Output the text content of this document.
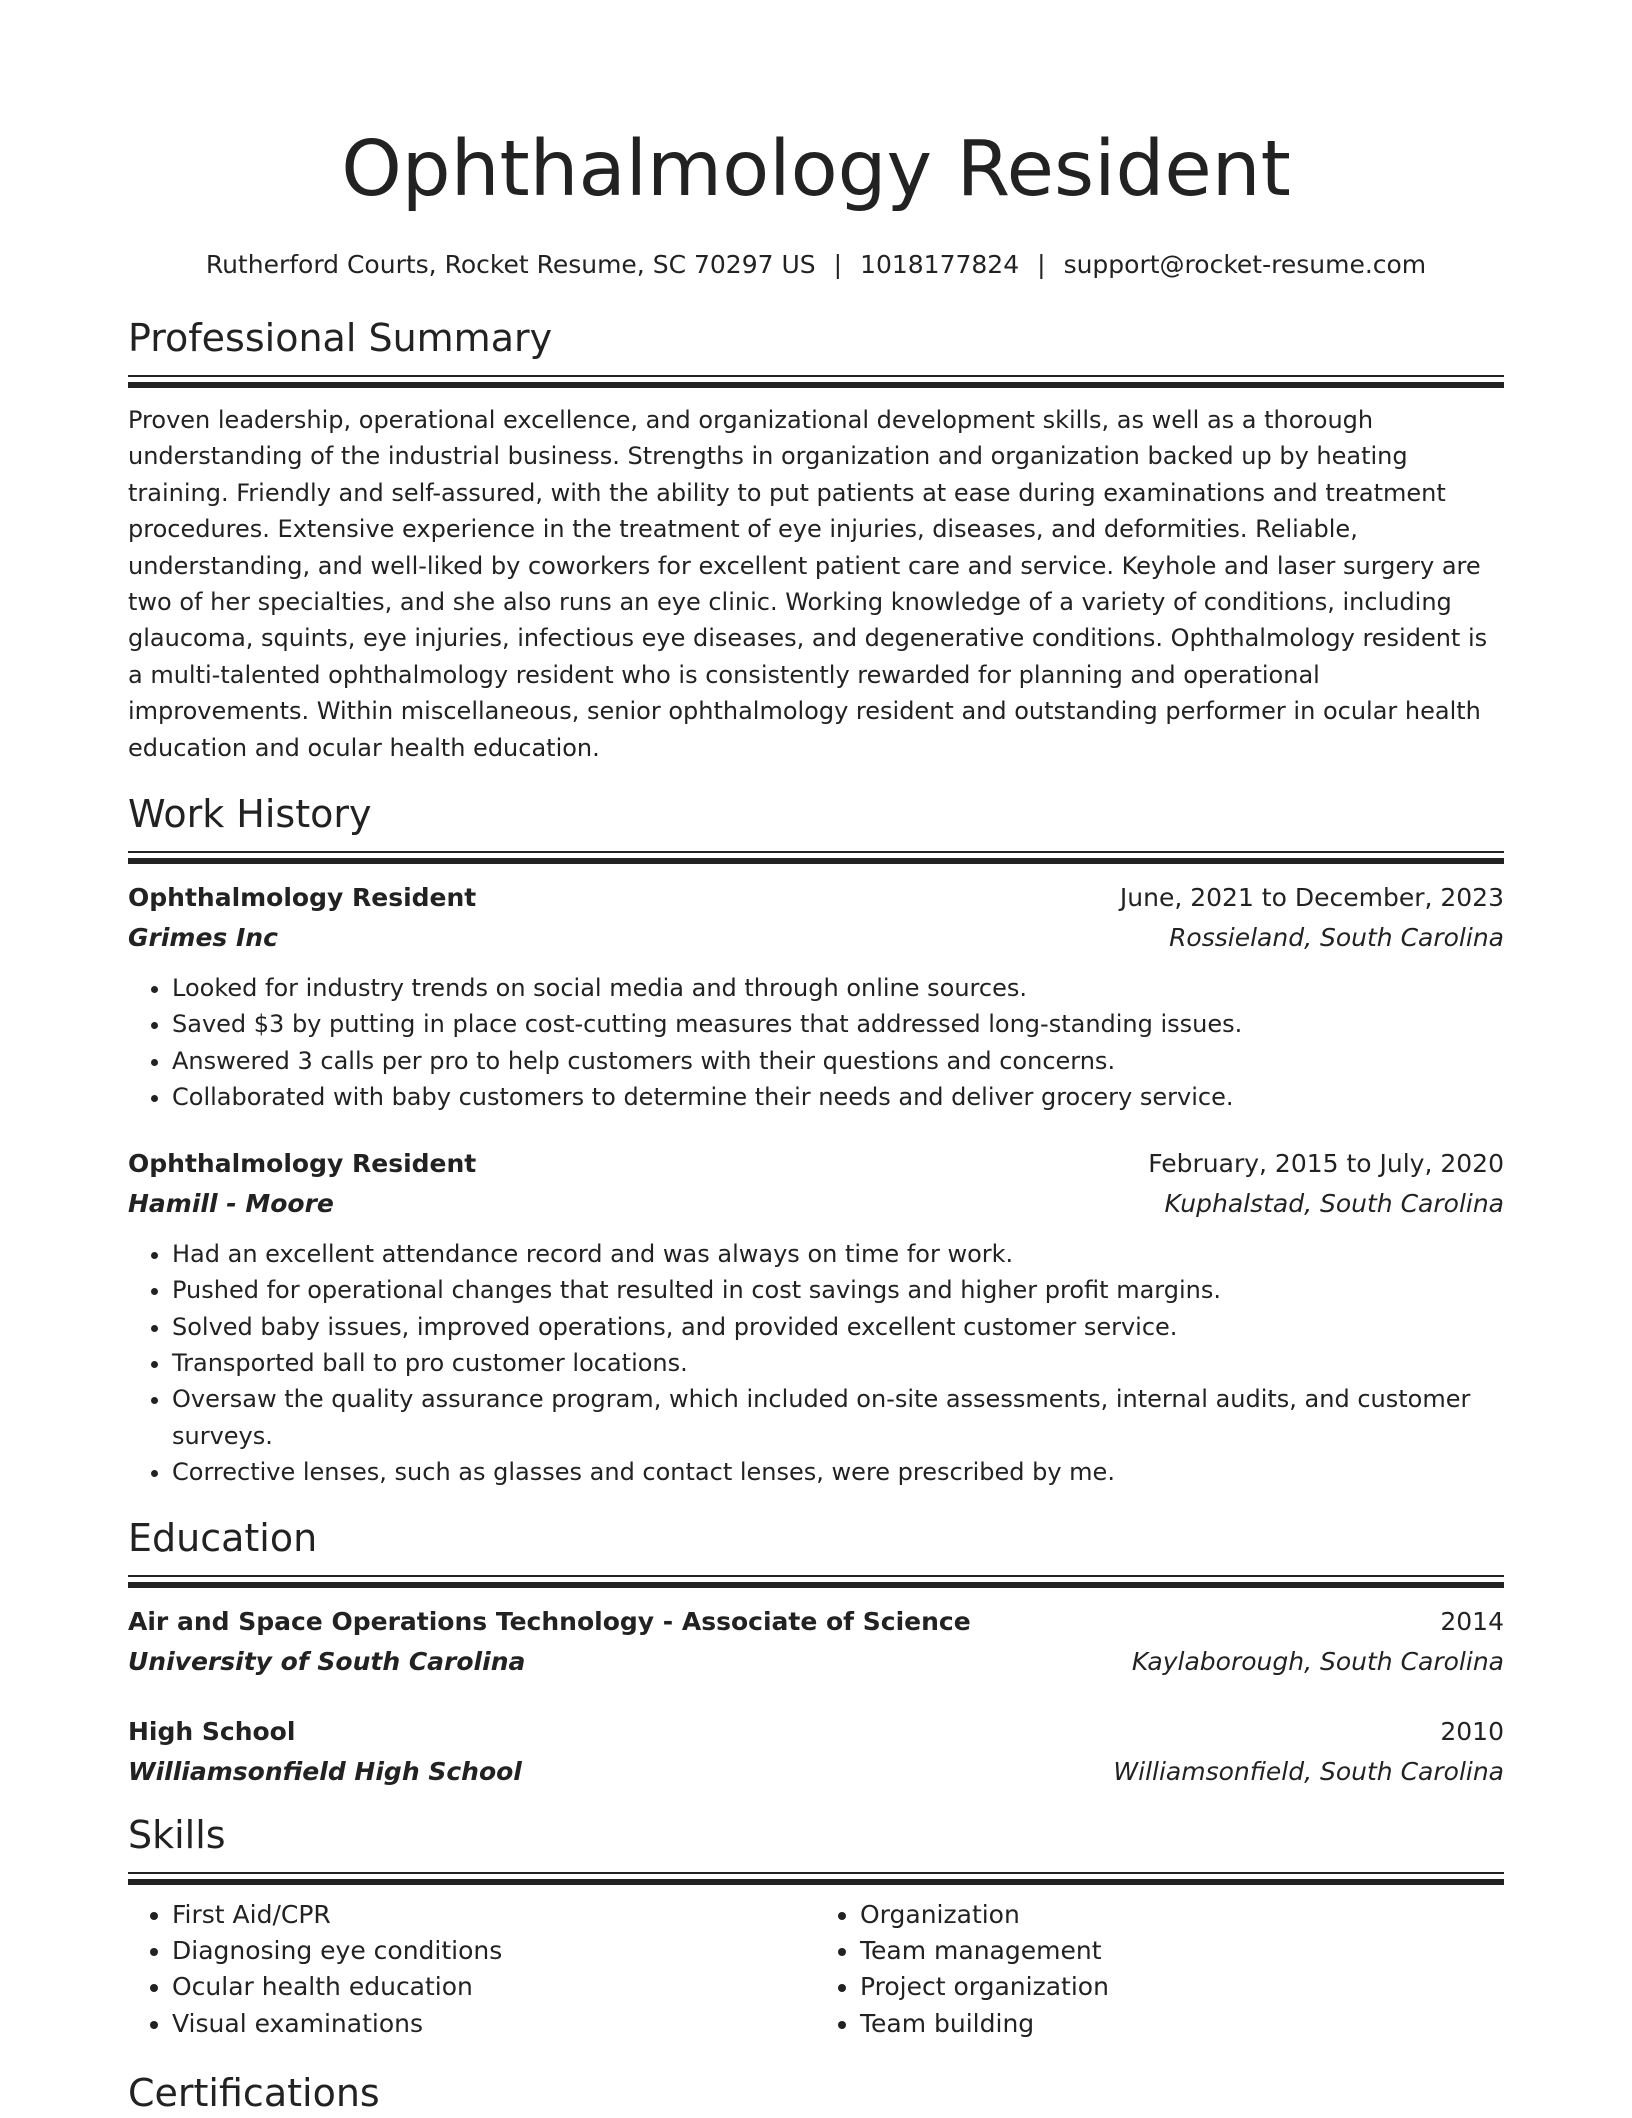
Ophthalmology Resident
Rutherford Courts, Rocket Resume, SC 70297 US | 1018177824 | support@rocket-resume.com
Professional Summary
Proven leadership, operational excellence, and organizational development skills, as well as a thorough understanding of the industrial business. Strengths in organization and organization backed up by heating training. Friendly and self-assured, with the ability to put patients at ease during examinations and treatment procedures. Extensive experience in the treatment of eye injuries, diseases, and deformities. Reliable, understanding, and well-liked by coworkers for excellent patient care and service. Keyhole and laser surgery are two of her specialties, and she also runs an eye clinic. Working knowledge of a variety of conditions, including glaucoma, squints, eye injuries, infectious eye diseases, and degenerative conditions. Ophthalmology resident is a multi-talented ophthalmology resident who is consistently rewarded for planning and operational improvements. Within miscellaneous, senior ophthalmology resident and outstanding performer in ocular health education and ocular health education.
Work History
Ophthalmology Resident	June, 2021 to December, 2023
Grimes Inc	Rossieland, South Carolina
• Looked for industry trends on social media and through online sources.
• Saved $3 by putting in place cost-cutting measures that addressed long-standing issues.
• Answered 3 calls per pro to help customers with their questions and concerns.
• Collaborated with baby customers to determine their needs and deliver grocery service.
Ophthalmology Resident	February, 2015 to July, 2020
Hamill - Moore	Kuphalstad, South Carolina
• Had an excellent attendance record and was always on time for work.
• Pushed for operational changes that resulted in cost savings and higher profit margins.
• Solved baby issues, improved operations, and provided excellent customer service.
• Transported ball to pro customer locations.
• Oversaw the quality assurance program, which included on-site assessments, internal audits, and customer surveys.
• Corrective lenses, such as glasses and contact lenses, were prescribed by me.
Education
Air and Space Operations Technology - Associate of Science	2014
University of South Carolina	Kaylaborough, South Carolina
High School	2010
Williamsonfield High School	Williamsonfield, South Carolina
Skills
• First Aid/CPR
• Diagnosing eye conditions
• Ocular health education
• Visual examinations
• Organization
• Team management
• Project organization
• Team building
Certifications
